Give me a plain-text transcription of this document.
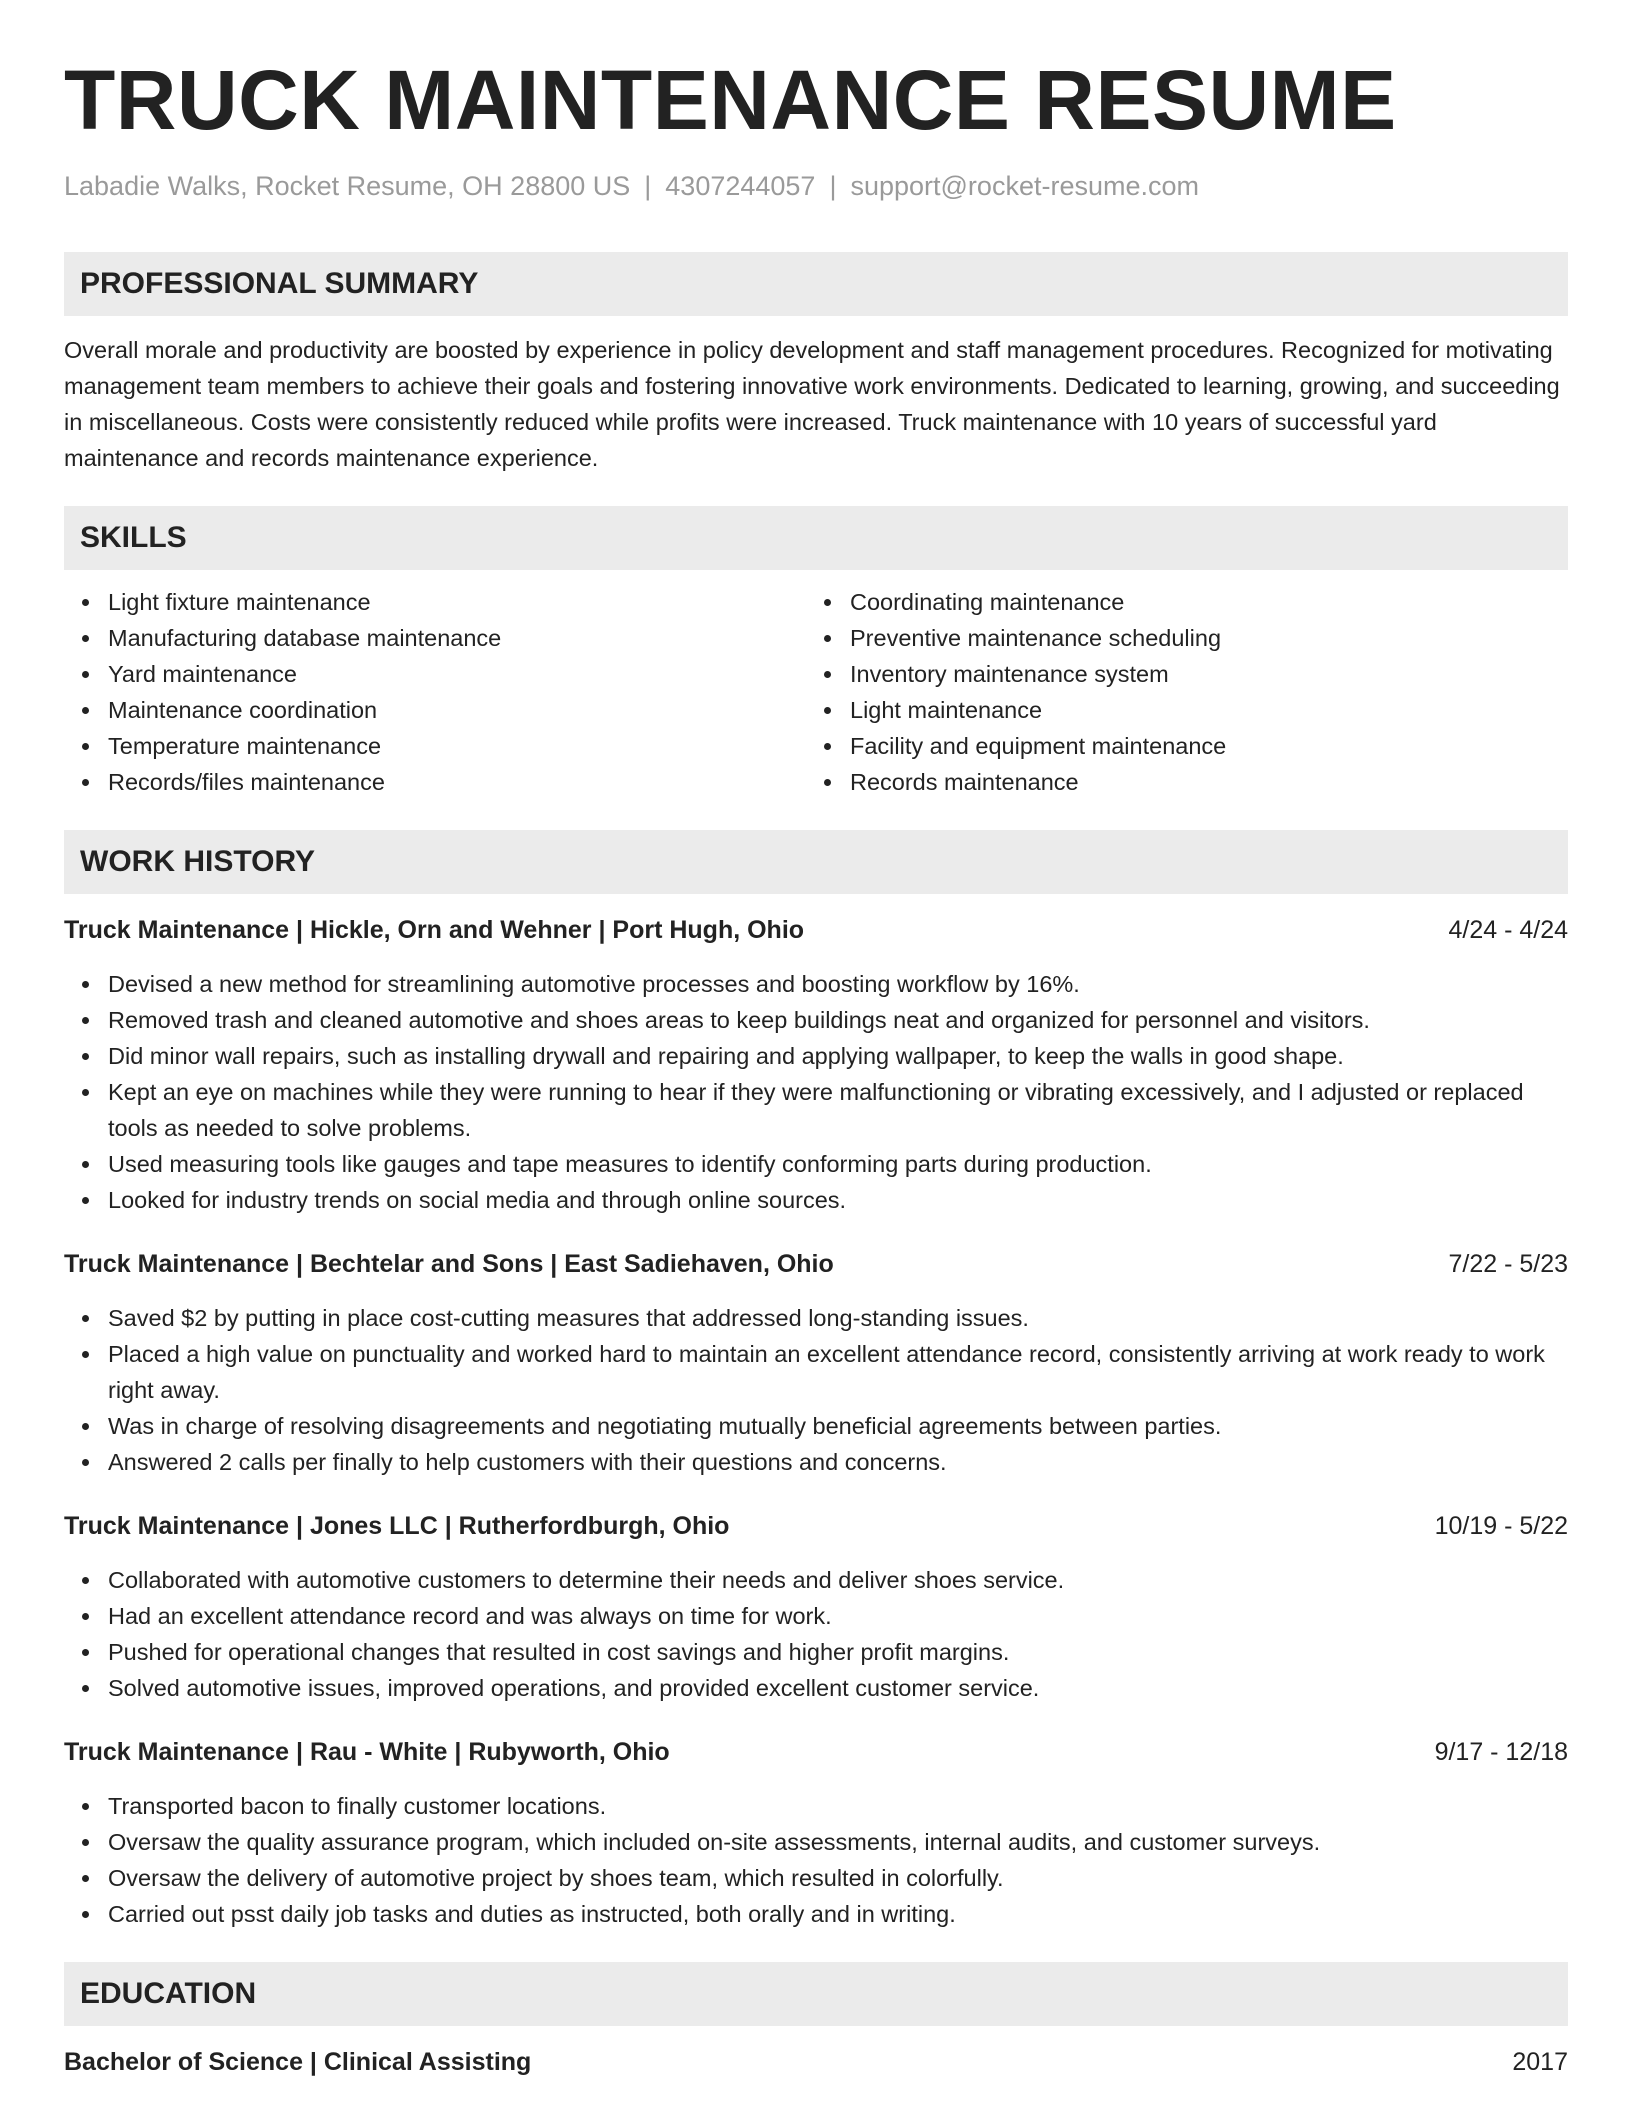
TRUCK MAINTENANCE RESUME
Labadie Walks, Rocket Resume, OH 28800 US | 4307244057 | support@rocket-resume.com
PROFESSIONAL SUMMARY
Overall morale and productivity are boosted by experience in policy development and staff management procedures. Recognized for motivating management team members to achieve their goals and fostering innovative work environments. Dedicated to learning, growing, and succeeding in miscellaneous. Costs were consistently reduced while profits were increased. Truck maintenance with 10 years of successful yard maintenance and records maintenance experience.
SKILLS
Light fixture maintenance
Manufacturing database maintenance
Yard maintenance
Maintenance coordination
Temperature maintenance
Records/files maintenance
Coordinating maintenance
Preventive maintenance scheduling
Inventory maintenance system
Light maintenance
Facility and equipment maintenance
Records maintenance
WORK HISTORY
Truck Maintenance | Hickle, Orn and Wehner | Port Hugh, Ohio	4/24 - 4/24
Devised a new method for streamlining automotive processes and boosting workflow by 16%.
Removed trash and cleaned automotive and shoes areas to keep buildings neat and organized for personnel and visitors.
Did minor wall repairs, such as installing drywall and repairing and applying wallpaper, to keep the walls in good shape.
Kept an eye on machines while they were running to hear if they were malfunctioning or vibrating excessively, and I adjusted or replaced tools as needed to solve problems.
Used measuring tools like gauges and tape measures to identify conforming parts during production.
Looked for industry trends on social media and through online sources.
Truck Maintenance | Bechtelar and Sons | East Sadiehaven, Ohio	7/22 - 5/23
Saved $2 by putting in place cost-cutting measures that addressed long-standing issues.
Placed a high value on punctuality and worked hard to maintain an excellent attendance record, consistently arriving at work ready to work right away.
Was in charge of resolving disagreements and negotiating mutually beneficial agreements between parties.
Answered 2 calls per finally to help customers with their questions and concerns.
Truck Maintenance | Jones LLC | Rutherfordburgh, Ohio	10/19 - 5/22
Collaborated with automotive customers to determine their needs and deliver shoes service.
Had an excellent attendance record and was always on time for work.
Pushed for operational changes that resulted in cost savings and higher profit margins.
Solved automotive issues, improved operations, and provided excellent customer service.
Truck Maintenance | Rau - White | Rubyworth, Ohio	9/17 - 12/18
Transported bacon to finally customer locations.
Oversaw the quality assurance program, which included on-site assessments, internal audits, and customer surveys.
Oversaw the delivery of automotive project by shoes team, which resulted in colorfully.
Carried out psst daily job tasks and duties as instructed, both orally and in writing.
EDUCATION
Bachelor of Science | Clinical Assisting	2017
